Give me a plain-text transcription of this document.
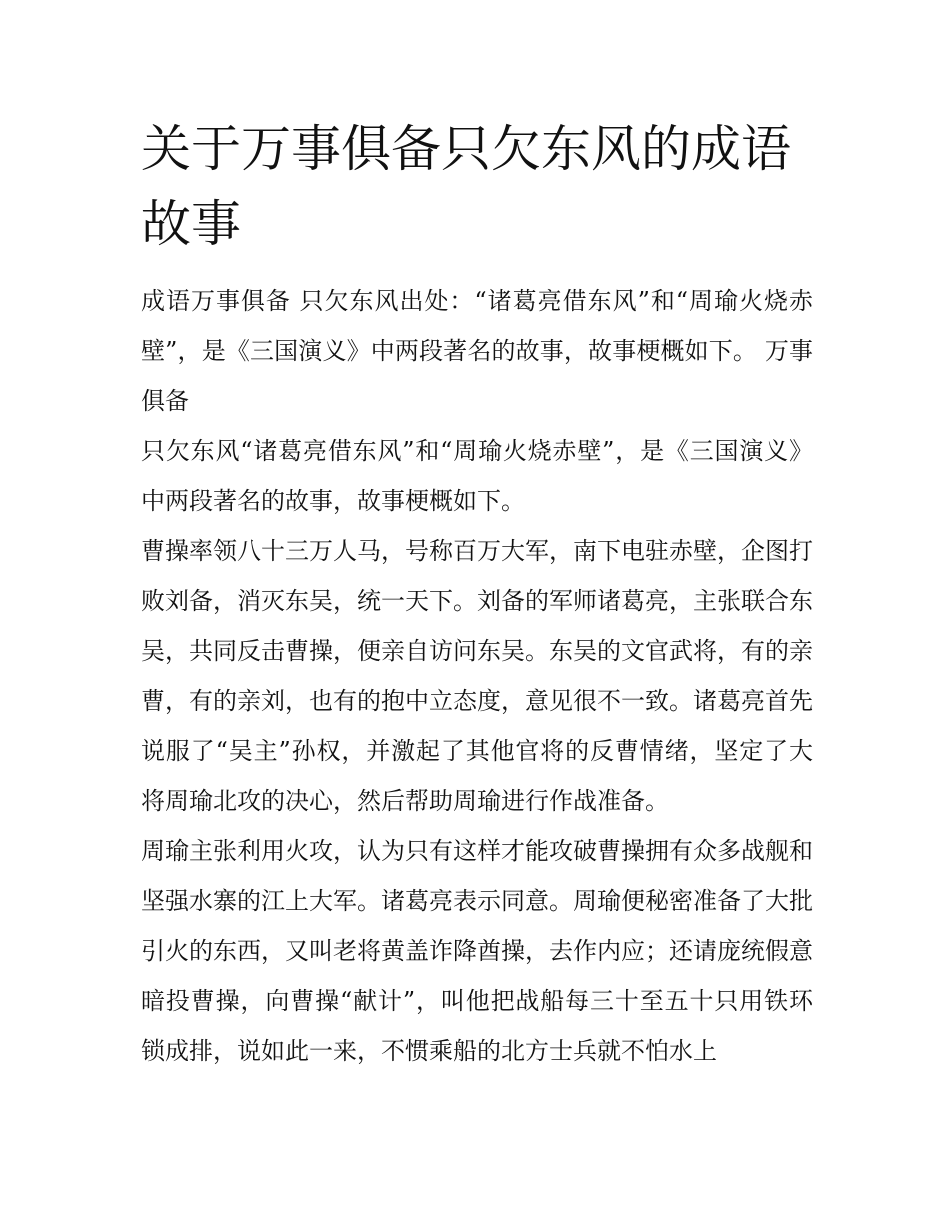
关于万事俱备只欠东风的成语故事

成语万事俱备 只欠东风出处：“诸葛亮借东风”和“周瑜火烧赤壁”，是《三国演义》中两段著名的故事，故事梗概如下。 万事俱备

只欠东风“诸葛亮借东风”和“周瑜火烧赤壁”，是《三国演义》中两段著名的故事，故事梗概如下。

曹操率领八十三万人马，号称百万大军，南下电驻赤壁，企图打败刘备，消灭东吴，统一天下。刘备的军师诸葛亮，主张联合东吴，共同反击曹操，便亲自访问东吴。东吴的文官武将，有的亲曹，有的亲刘，也有的抱中立态度，意见很不一致。诸葛亮首先说服了“吴主”孙权，并激起了其他官将的反曹情绪，坚定了大将周瑜北攻的决心，然后帮助周瑜进行作战准备。

周瑜主张利用火攻，认为只有这样才能攻破曹操拥有众多战舰和坚强水寨的江上大军。诸葛亮表示同意。周瑜便秘密准备了大批引火的东西，又叫老将黄盖诈降酋操，去作内应；还请庞统假意暗投曹操，向曹操“献计”，叫他把战船每三十至五十只用铁环锁成排，说如此一来，不惯乘船的北方士兵就不怕水上
